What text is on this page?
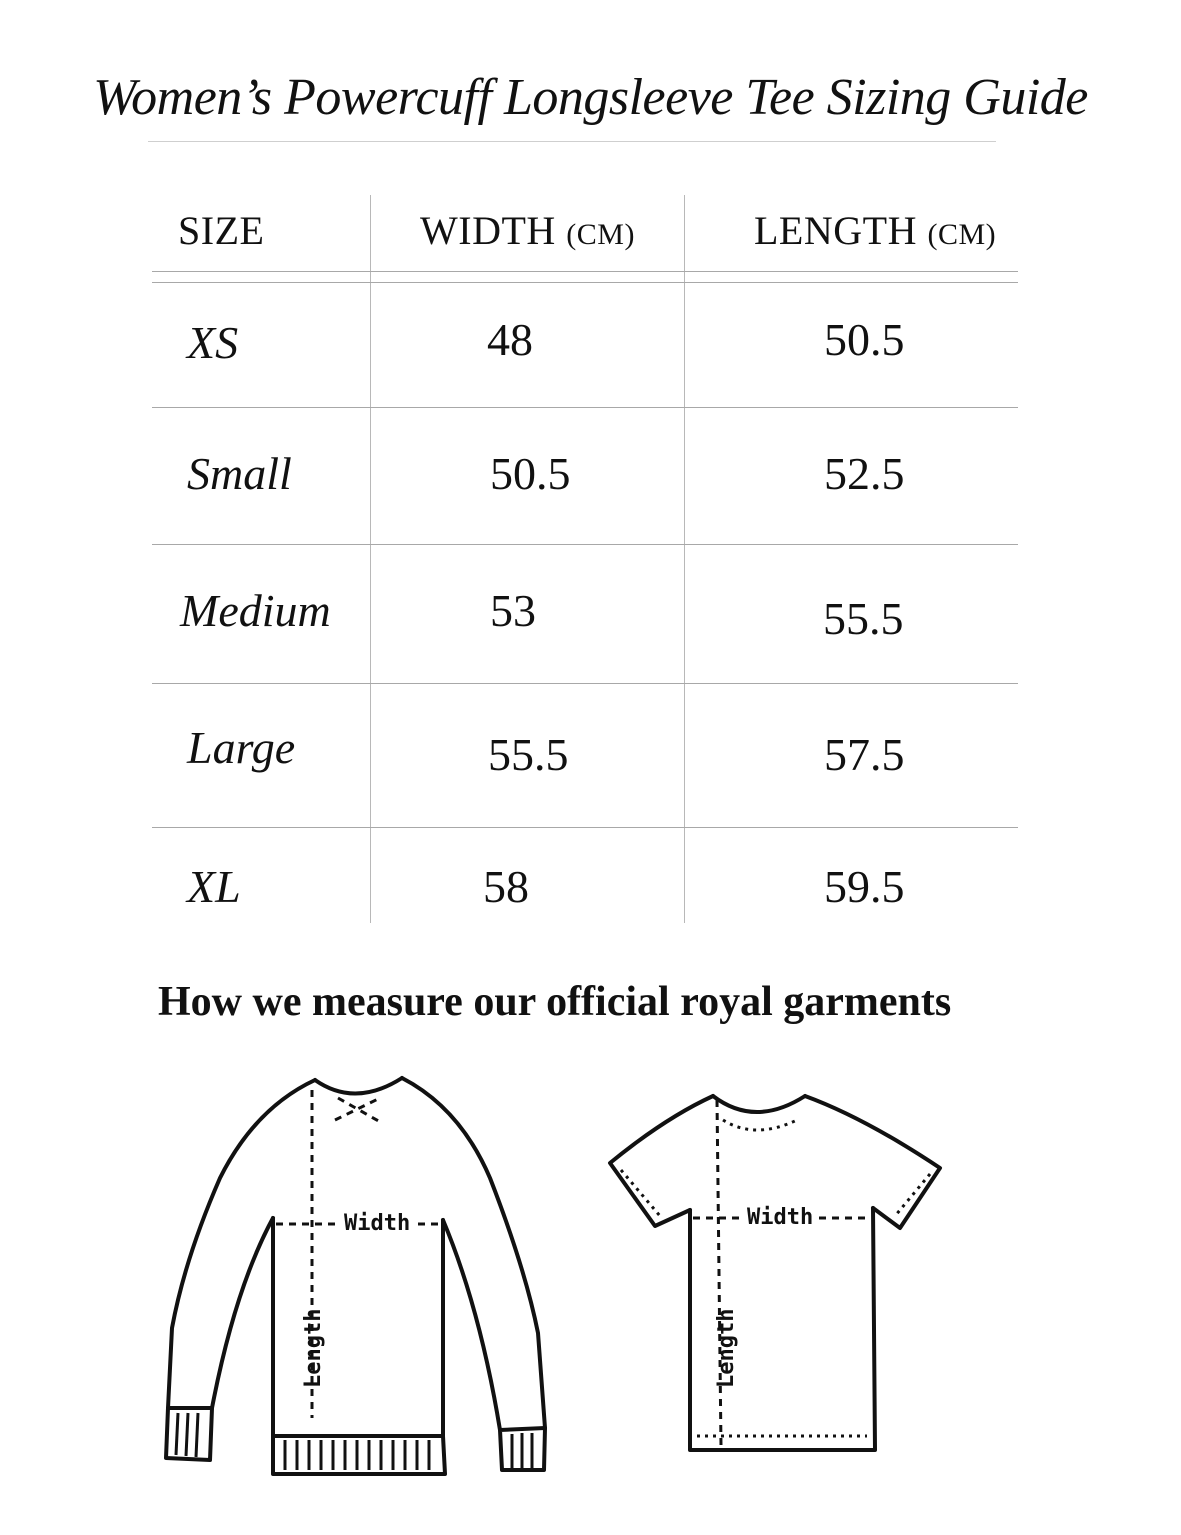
Women’s Powercuff Longsleeve Tee Sizing Guide
SIZE	WIDTH (CM)	LENGTH (CM)
XS	48	50.5
Small	50.5	52.5
Medium	53	55.5
Large	55.5	57.5
XL	58	59.5
How we measure our official royal garments
Width
Length
Width
Length
